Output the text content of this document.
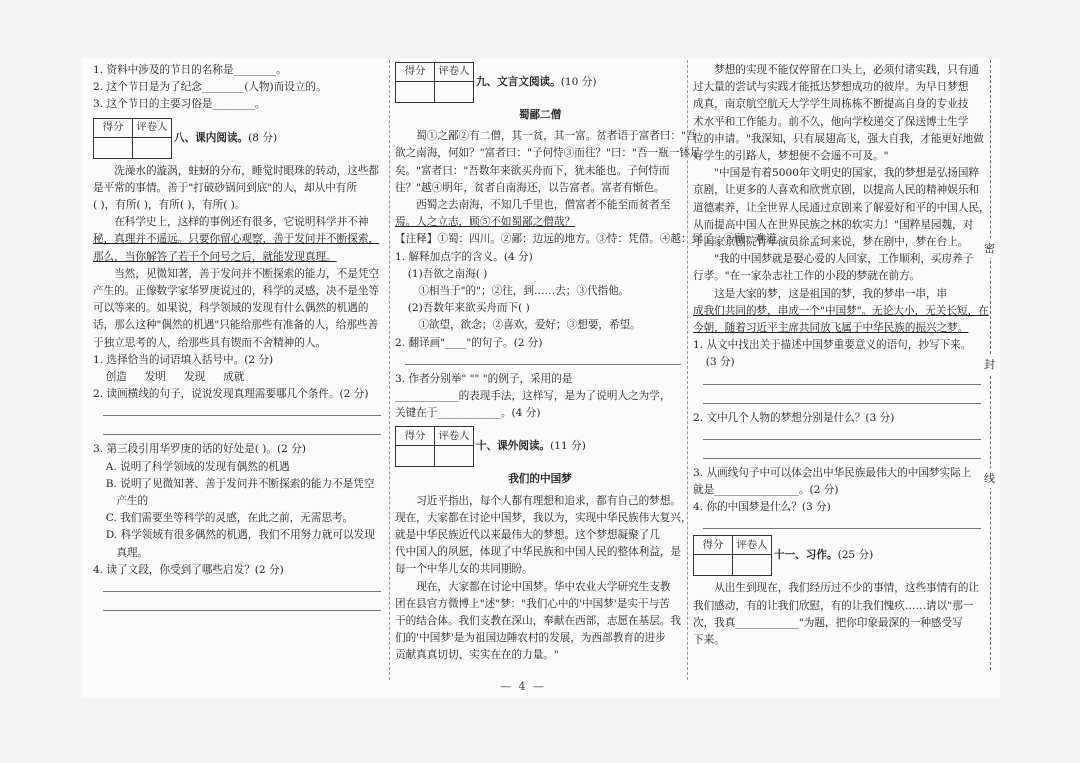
密
封
线

1. 资料中涉及的节日的名称是________。

2. 这个节日是为了纪念________(人物)而设立的。

3. 这个节日的主要习俗是________。

得分	评卷人

八、课内阅读。(8 分)

洗澡水的漩涡，蛀蚜的分布，睡觉时眼珠的转动，这些都

是平常的事情。善于"打破砂锅问到底"的人，却从中有所

( )，有所( )，有所( )，有所( )。

在科学史上，这样的事例还有很多，它说明科学并不神

秘，真理并不遥远。只要你留心观察，善于发问并不断探索，

那么，当你解答了若干个问号之后，就能发现真理。

当然，见微知著，善于发问并不断探索的能力，不是凭空

产生的。正像数学家华罗庚说过的，科学的灵感，决不是坐等

可以等来的。如果说，科学领域的发现有什么偶然的机遇的

话，那么这种"偶然的机遇"只能给那些有准备的人，给那些善

于独立思考的人，给那些具有锲而不舍精神的人。

1. 选择恰当的词语填入括号中。(2 分)

创造 发明 发现 成就

2. 读画横线的句子，说说发现真理需要哪几个条件。(2 分)

3. 第三段引用华罗庚的话的好处是( )。(2 分)

A. 说明了科学领域的发现有偶然的机遇

B. 说明了见微知著、善于发问并不断探索的能力不是凭空

产生的

C. 我们需要坐等科学的灵感，在此之前，无需思考。

D. 科学领域有很多偶然的机遇，我们不用努力就可以发现

真理。

4. 读了文段，你受到了哪些启发？(2 分)

得分	评卷人

九、文言文阅读。(10 分)

蜀鄙二僧

蜀①之鄙②有二僧，其一贫，其一富。贫者语于富者曰："吾

欲之南海，何如？"富者曰："子何恃③而往？"曰："吾一瓶一钵足

矣。"富者曰："吾数年来欲买舟而下，犹未能也。子何恃而

往？"越④明年，贫者自南海还，以告富者。富者有惭色。

西蜀之去南海，不知几千里也，僧富者不能至而贫者至

焉。人之立志，顾⑤不如蜀鄙之僧哉？

【注释】①蜀：四川。②鄙：边远的地方。③恃：凭借。④越：到了。⑤顾：难道。

1. 解释加点字的含义。(4 分)

(1)吾欲之南海( )

①相当于"的"；②往，到……去；③代指他。

(2)吾数年来欲买舟而下( )

①欲望，欲念；②喜欢，爱好；③想要，希望。

2. 翻译画"____"的句子。(2 分)

3. 作者分别举" "" "的例子，采用的是

____________的表现手法，这样写，是为了说明人之为学，

关键在于____________。(4 分)

得分	评卷人

十、课外阅读。(11 分)

我们的中国梦

习近平指出，每个人都有理想和追求，都有自己的梦想。

现在，大家都在讨论中国梦，我以为，实现中华民族伟大复兴，

就是中华民族近代以来最伟大的梦想。这个梦想凝聚了几

代中国人的夙愿，体现了中华民族和中国人民的整体利益，是

每一个中华儿女的共同期盼。

现在，大家都在讨论中国梦。华中农业大学研究生支教

团在县官方微博上"述"梦："我们心中的'中国梦'是实干与苦

干的结合体。我们支教在深山，奉献在西部，志愿在基层。我

们的'中国梦'是为祖国边陲农村的发展，为西部教育的进步

贡献真真切切、实实在在的力量。"

梦想的实现不能仅停留在口头上，必须付诸实践，只有通

过大量的尝试与实践才能抵达梦想成功的彼岸。为早日梦想

成真，南京航空航天大学学生周栋栋不断提高自身的专业技

术水平和工作能力。前不久，他向学校递交了保送博士生学

位的申请。"我深知，只有展翅高飞，强大自我，才能更好地做

好学生的引路人，梦想便不会遥不可及。"

"中国是有着5000年文明史的国家，我的梦想是弘扬国粹

京剧，让更多的人喜欢和欣赏京剧，以提高人民的精神娱乐和

道德素养，让全世界人民通过京剧来了解爱好和平的中国人民，

从而提高中国人在世界民族之林的软实力！"国粹星园魏，对

于国家京剧院青年演员徐孟珂来说，梦在剧中，梦在台上。

"我的中国梦就是娶心爱的人回家，工作顺利，买房养子

行孝。"在一家杂志社工作的小段的梦就在前方。

这是大家的梦，这是祖国的梦，我的梦串一串，串

成我们共同的梦，串成一个"中国梦"。无论大小，无关长短，在

今朝，随着习近平主席共同放飞属于中华民族的振兴之梦。

1. 从文中找出关于描述中国梦重要意义的语句，抄写下来。

(3 分)

2. 文中几个人物的梦想分别是什么？(3 分)

3. 从画线句子中可以体会出中华民族最伟大的中国梦实际上

就是________________。(2 分)

4. 你的中国梦是什么？(3 分)

得分	评卷人

十一、习作。(25 分)

从出生到现在，我们经历过不少的事情，这些事情有的让

我们感动，有的让我们欣慰，有的让我们愧疚……请以"那一

次，我真____________"为题，把你印象最深的一种感受写

下来。

— 4 —
